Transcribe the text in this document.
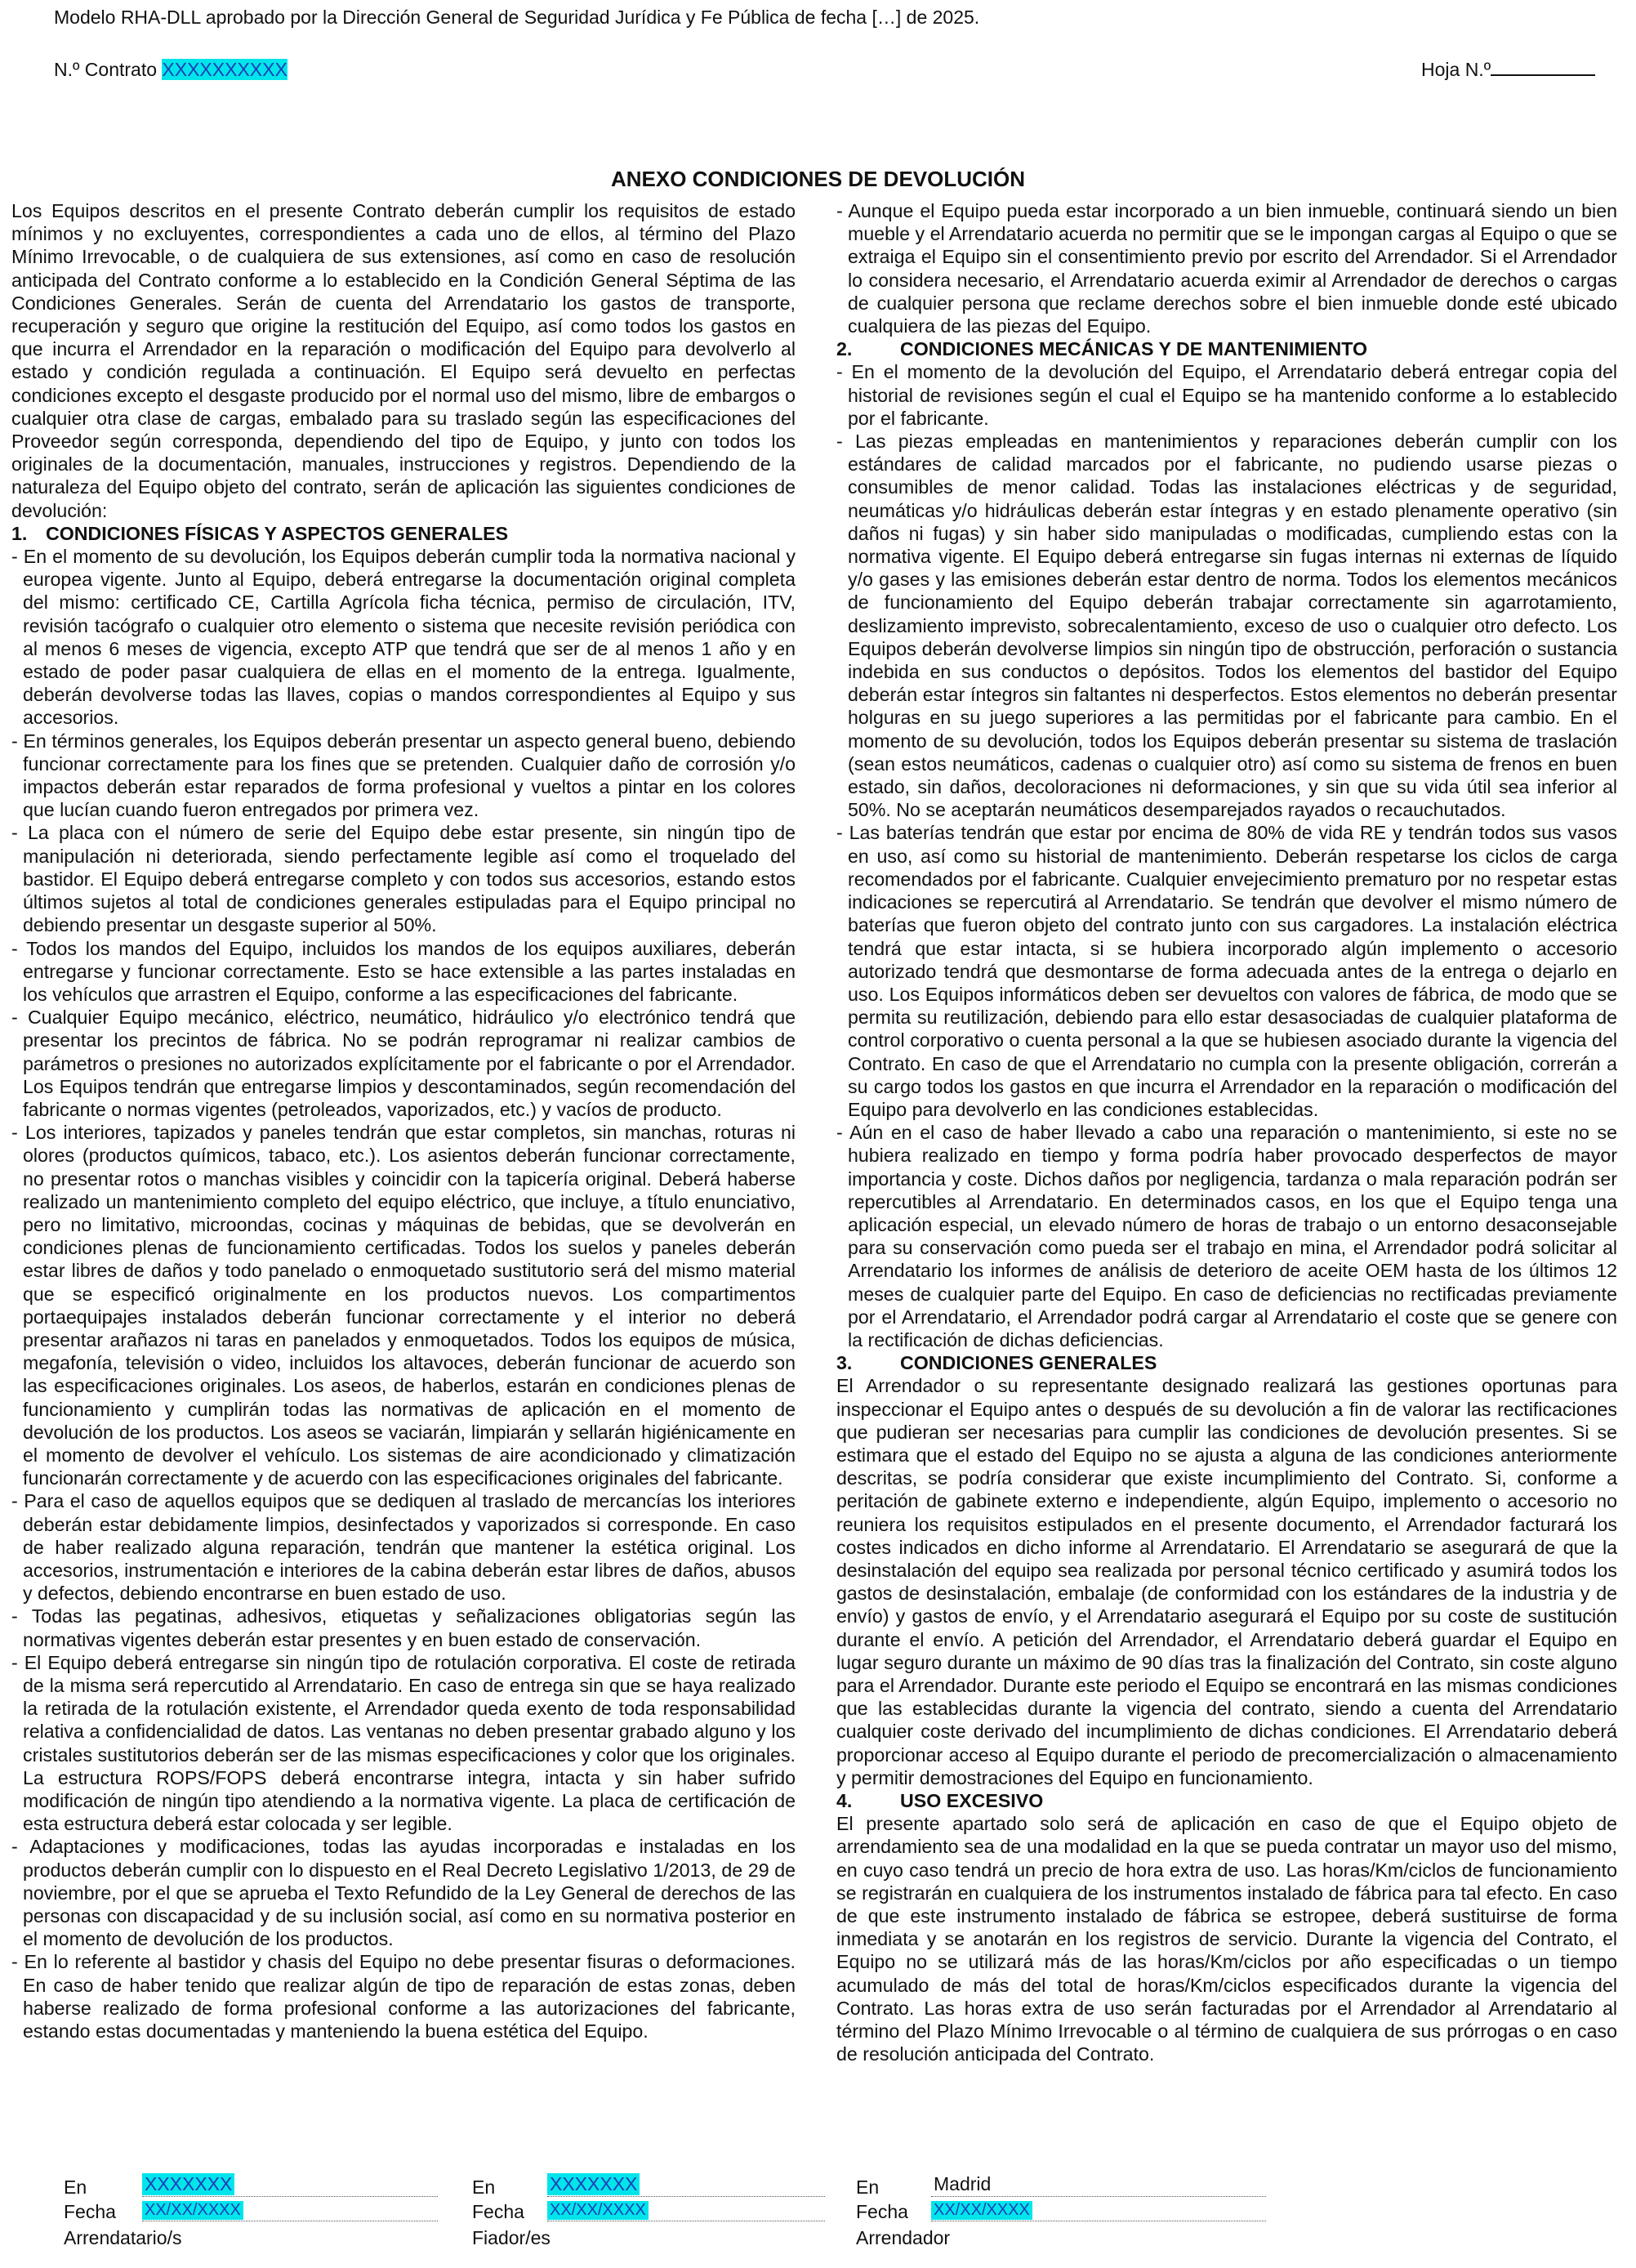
Modelo RHA-DLL aprobado por la Dirección General de Seguridad Jurídica y Fe Pública de fecha […] de 2025.
N.º Contrato XXXXXXXXXX	Hoja N.º
ANEXO CONDICIONES DE DEVOLUCIÓN

Los Equipos descritos en el presente Contrato deberán cumplir los requisitos de estado mínimos y no excluyentes, correspondientes a cada uno de ellos, al término del Plazo Mínimo Irrevocable, o de cualquiera de sus extensiones, así como en caso de resolución anticipada del Contrato conforme a lo establecido en la Condición General Séptima de las Condiciones Generales. Serán de cuenta del Arrendatario los gastos de transporte, recuperación y seguro que origine la restitución del Equipo, así como todos los gastos en que incurra el Arrendador en la reparación o modificación del Equipo para devolverlo al estado y condición regulada a continuación. El Equipo será devuelto en perfectas condiciones excepto el desgaste producido por el normal uso del mismo, libre de embargos o cualquier otra clase de cargas, embalado para su traslado según las especificaciones del Proveedor según corresponda, dependiendo del tipo de Equipo, y junto con todos los originales de la documentación, manuales, instrucciones y registros. Dependiendo de la naturaleza del Equipo objeto del contrato, serán de aplicación las siguientes condiciones de devolución:

1. CONDICIONES FÍSICAS Y ASPECTOS GENERALES

- En el momento de su devolución, los Equipos deberán cumplir toda la normativa nacional y europea vigente. Junto al Equipo, deberá entregarse la documentación original completa del mismo: certificado CE, Cartilla Agrícola ficha técnica, permiso de circulación, ITV, revisión tacógrafo o cualquier otro elemento o sistema que necesite revisión periódica con al menos 6 meses de vigencia, excepto ATP que tendrá que ser de al menos 1 año y en estado de poder pasar cualquiera de ellas en el momento de la entrega. Igualmente, deberán devolverse todas las llaves, copias o mandos correspondientes al Equipo y sus accesorios.

- En términos generales, los Equipos deberán presentar un aspecto general bueno, debiendo funcionar correctamente para los fines que se pretenden. Cualquier daño de corrosión y/o impactos deberán estar reparados de forma profesional y vueltos a pintar en los colores que lucían cuando fueron entregados por primera vez.

- La placa con el número de serie del Equipo debe estar presente, sin ningún tipo de manipulación ni deteriorada, siendo perfectamente legible así como el troquelado del bastidor. El Equipo deberá entregarse completo y con todos sus accesorios, estando estos últimos sujetos al total de condiciones generales estipuladas para el Equipo principal no debiendo presentar un desgaste superior al 50%.

- Todos los mandos del Equipo, incluidos los mandos de los equipos auxiliares, deberán entregarse y funcionar correctamente. Esto se hace extensible a las partes instaladas en los vehículos que arrastren el Equipo, conforme a las especificaciones del fabricante.

- Cualquier Equipo mecánico, eléctrico, neumático, hidráulico y/o electrónico tendrá que presentar los precintos de fábrica. No se podrán reprogramar ni realizar cambios de parámetros o presiones no autorizados explícitamente por el fabricante o por el Arrendador. Los Equipos tendrán que entregarse limpios y descontaminados, según recomendación del fabricante o normas vigentes (petroleados, vaporizados, etc.) y vacíos de producto.

- Los interiores, tapizados y paneles tendrán que estar completos, sin manchas, roturas ni olores (productos químicos, tabaco, etc.). Los asientos deberán funcionar correctamente, no presentar rotos o manchas visibles y coincidir con la tapicería original. Deberá haberse realizado un mantenimiento completo del equipo eléctrico, que incluye, a título enunciativo, pero no limitativo, microondas, cocinas y máquinas de bebidas, que se devolverán en condiciones plenas de funcionamiento certificadas. Todos los suelos y paneles deberán estar libres de daños y todo panelado o enmoquetado sustitutorio será del mismo material que se especificó originalmente en los productos nuevos. Los compartimentos portaequipajes instalados deberán funcionar correctamente y el interior no deberá presentar arañazos ni taras en panelados y enmoquetados. Todos los equipos de música, megafonía, televisión o video, incluidos los altavoces, deberán funcionar de acuerdo son las especificaciones originales. Los aseos, de haberlos, estarán en condiciones plenas de funcionamiento y cumplirán todas las normativas de aplicación en el momento de devolución de los productos. Los aseos se vaciarán, limpiarán y sellarán higiénicamente en el momento de devolver el vehículo. Los sistemas de aire acondicionado y climatización funcionarán correctamente y de acuerdo con las especificaciones originales del fabricante.

- Para el caso de aquellos equipos que se dediquen al traslado de mercancías los interiores deberán estar debidamente limpios, desinfectados y vaporizados si corresponde. En caso de haber realizado alguna reparación, tendrán que mantener la estética original. Los accesorios, instrumentación e interiores de la cabina deberán estar libres de daños, abusos y defectos, debiendo encontrarse en buen estado de uso.

- Todas las pegatinas, adhesivos, etiquetas y señalizaciones obligatorias según las normativas vigentes deberán estar presentes y en buen estado de conservación.

- El Equipo deberá entregarse sin ningún tipo de rotulación corporativa. El coste de retirada de la misma será repercutido al Arrendatario. En caso de entrega sin que se haya realizado la retirada de la rotulación existente, el Arrendador queda exento de toda responsabilidad relativa a confidencialidad de datos. Las ventanas no deben presentar grabado alguno y los cristales sustitutorios deberán ser de las mismas especificaciones y color que los originales. La estructura ROPS/FOPS deberá encontrarse integra, intacta y sin haber sufrido modificación de ningún tipo atendiendo a la normativa vigente. La placa de certificación de esta estructura deberá estar colocada y ser legible.

- Adaptaciones y modificaciones, todas las ayudas incorporadas e instaladas en los productos deberán cumplir con lo dispuesto en el Real Decreto Legislativo 1/2013, de 29 de noviembre, por el que se aprueba el Texto Refundido de la Ley General de derechos de las personas con discapacidad y de su inclusión social, así como en su normativa posterior en el momento de devolución de los productos.

- En lo referente al bastidor y chasis del Equipo no debe presentar fisuras o deformaciones. En caso de haber tenido que realizar algún de tipo de reparación de estas zonas, deben haberse realizado de forma profesional conforme a las autorizaciones del fabricante, estando estas documentadas y manteniendo la buena estética del Equipo.

- Aunque el Equipo pueda estar incorporado a un bien inmueble, continuará siendo un bien mueble y el Arrendatario acuerda no permitir que se le impongan cargas al Equipo o que se extraiga el Equipo sin el consentimiento previo por escrito del Arrendador. Si el Arrendador lo considera necesario, el Arrendatario acuerda eximir al Arrendador de derechos o cargas de cualquier persona que reclame derechos sobre el bien inmueble donde esté ubicado cualquiera de las piezas del Equipo.

2.	CONDICIONES MECÁNICAS Y DE MANTENIMIENTO

- En el momento de la devolución del Equipo, el Arrendatario deberá entregar copia del historial de revisiones según el cual el Equipo se ha mantenido conforme a lo establecido por el fabricante.

- Las piezas empleadas en mantenimientos y reparaciones deberán cumplir con los estándares de calidad marcados por el fabricante, no pudiendo usarse piezas o consumibles de menor calidad. Todas las instalaciones eléctricas y de seguridad, neumáticas y/o hidráulicas deberán estar íntegras y en estado plenamente operativo (sin daños ni fugas) y sin haber sido manipuladas o modificadas, cumpliendo estas con la normativa vigente. El Equipo deberá entregarse sin fugas internas ni externas de líquido y/o gases y las emisiones deberán estar dentro de norma. Todos los elementos mecánicos de funcionamiento del Equipo deberán trabajar correctamente sin agarrotamiento, deslizamiento imprevisto, sobrecalentamiento, exceso de uso o cualquier otro defecto. Los Equipos deberán devolverse limpios sin ningún tipo de obstrucción, perforación o sustancia indebida en sus conductos o depósitos. Todos los elementos del bastidor del Equipo deberán estar íntegros sin faltantes ni desperfectos. Estos elementos no deberán presentar holguras en su juego superiores a las permitidas por el fabricante para cambio. En el momento de su devolución, todos los Equipos deberán presentar su sistema de traslación (sean estos neumáticos, cadenas o cualquier otro) así como su sistema de frenos en buen estado, sin daños, decoloraciones ni deformaciones, y sin que su vida útil sea inferior al 50%. No se aceptarán neumáticos desemparejados rayados o recauchutados.

- Las baterías tendrán que estar por encima de 80% de vida RE y tendrán todos sus vasos en uso, así como su historial de mantenimiento. Deberán respetarse los ciclos de carga recomendados por el fabricante. Cualquier envejecimiento prematuro por no respetar estas indicaciones se repercutirá al Arrendatario. Se tendrán que devolver el mismo número de baterías que fueron objeto del contrato junto con sus cargadores. La instalación eléctrica tendrá que estar intacta, si se hubiera incorporado algún implemento o accesorio autorizado tendrá que desmontarse de forma adecuada antes de la entrega o dejarlo en uso. Los Equipos informáticos deben ser devueltos con valores de fábrica, de modo que se permita su reutilización, debiendo para ello estar desasociadas de cualquier plataforma de control corporativo o cuenta personal a la que se hubiesen asociado durante la vigencia del Contrato. En caso de que el Arrendatario no cumpla con la presente obligación, correrán a su cargo todos los gastos en que incurra el Arrendador en la reparación o modificación del Equipo para devolverlo en las condiciones establecidas.

- Aún en el caso de haber llevado a cabo una reparación o mantenimiento, si este no se hubiera realizado en tiempo y forma podría haber provocado desperfectos de mayor importancia y coste. Dichos daños por negligencia, tardanza o mala reparación podrán ser repercutibles al Arrendatario. En determinados casos, en los que el Equipo tenga una aplicación especial, un elevado número de horas de trabajo o un entorno desaconsejable para su conservación como pueda ser el trabajo en mina, el Arrendador podrá solicitar al Arrendatario los informes de análisis de deterioro de aceite OEM hasta de los últimos 12 meses de cualquier parte del Equipo. En caso de deficiencias no rectificadas previamente por el Arrendatario, el Arrendador podrá cargar al Arrendatario el coste que se genere con la rectificación de dichas deficiencias.

3.	CONDICIONES GENERALES

El Arrendador o su representante designado realizará las gestiones oportunas para inspeccionar el Equipo antes o después de su devolución a fin de valorar las rectificaciones que pudieran ser necesarias para cumplir las condiciones de devolución presentes. Si se estimara que el estado del Equipo no se ajusta a alguna de las condiciones anteriormente descritas, se podría considerar que existe incumplimiento del Contrato. Si, conforme a peritación de gabinete externo e independiente, algún Equipo, implemento o accesorio no reuniera los requisitos estipulados en el presente documento, el Arrendador facturará los costes indicados en dicho informe al Arrendatario. El Arrendatario se asegurará de que la desinstalación del equipo sea realizada por personal técnico certificado y asumirá todos los gastos de desinstalación, embalaje (de conformidad con los estándares de la industria y de envío) y gastos de envío, y el Arrendatario asegurará el Equipo por su coste de sustitución durante el envío. A petición del Arrendador, el Arrendatario deberá guardar el Equipo en lugar seguro durante un máximo de 90 días tras la finalización del Contrato, sin coste alguno para el Arrendador. Durante este periodo el Equipo se encontrará en las mismas condiciones que las establecidas durante la vigencia del contrato, siendo a cuenta del Arrendatario cualquier coste derivado del incumplimiento de dichas condiciones. El Arrendatario deberá proporcionar acceso al Equipo durante el periodo de precomercialización o almacenamiento y permitir demostraciones del Equipo en funcionamiento.

4.	USO EXCESIVO

El presente apartado solo será de aplicación en caso de que el Equipo objeto de arrendamiento sea de una modalidad en la que se pueda contratar un mayor uso del mismo, en cuyo caso tendrá un precio de hora extra de uso. Las horas/Km/ciclos de funcionamiento se registrarán en cualquiera de los instrumentos instalado de fábrica para tal efecto. En caso de que este instrumento instalado de fábrica se estropee, deberá sustituirse de forma inmediata y se anotarán en los registros de servicio. Durante la vigencia del Contrato, el Equipo no se utilizará más de las horas/Km/ciclos por año especificadas o un tiempo acumulado de más del total de horas/Km/ciclos especificados durante la vigencia del Contrato. Las horas extra de uso serán facturadas por el Arrendador al Arrendatario al término del Plazo Mínimo Irrevocable o al término de cualquiera de sus prórrogas o en caso de resolución anticipada del Contrato.

En	XXXXXXX
Fecha XX/XX/XXXX
Arrendatario/s
En	XXXXXXX
Fecha XX/XX/XXXX
Fiador/es
En	Madrid
Fecha XX/XX/XXXX
Arrendador
